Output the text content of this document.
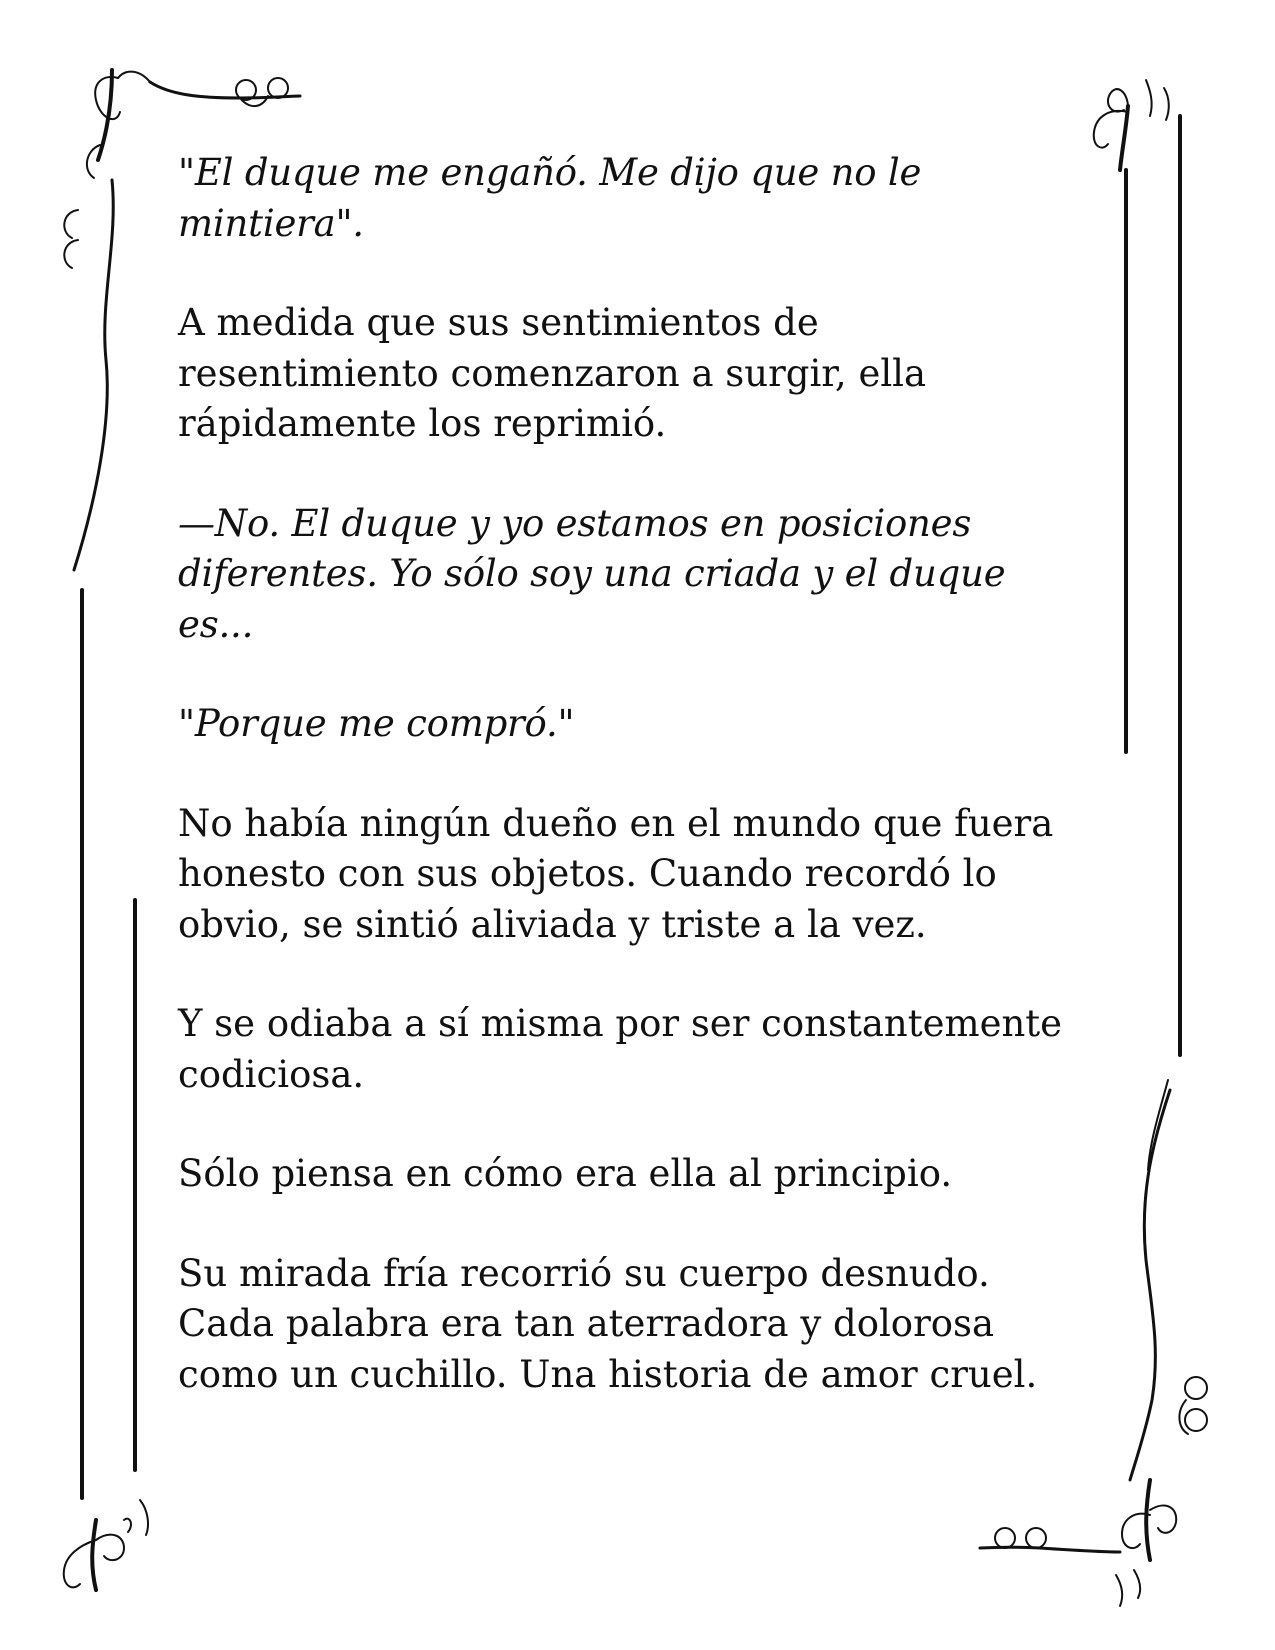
"El duque me engañó. Me dijo que no le
mintiera".

A medida que sus sentimientos de
resentimiento comenzaron a surgir, ella
rápidamente los reprimió.

—No. El duque y yo estamos en posiciones
diferentes. Yo sólo soy una criada y el duque
es...

"Porque me compró."

No había ningún dueño en el mundo que fuera
honesto con sus objetos. Cuando recordó lo
obvio, se sintió aliviada y triste a la vez.

Y se odiaba a sí misma por ser constantemente
codiciosa.

Sólo piensa en cómo era ella al principio.

Su mirada fría recorrió su cuerpo desnudo.
Cada palabra era tan aterradora y dolorosa
como un cuchillo. Una historia de amor cruel.
